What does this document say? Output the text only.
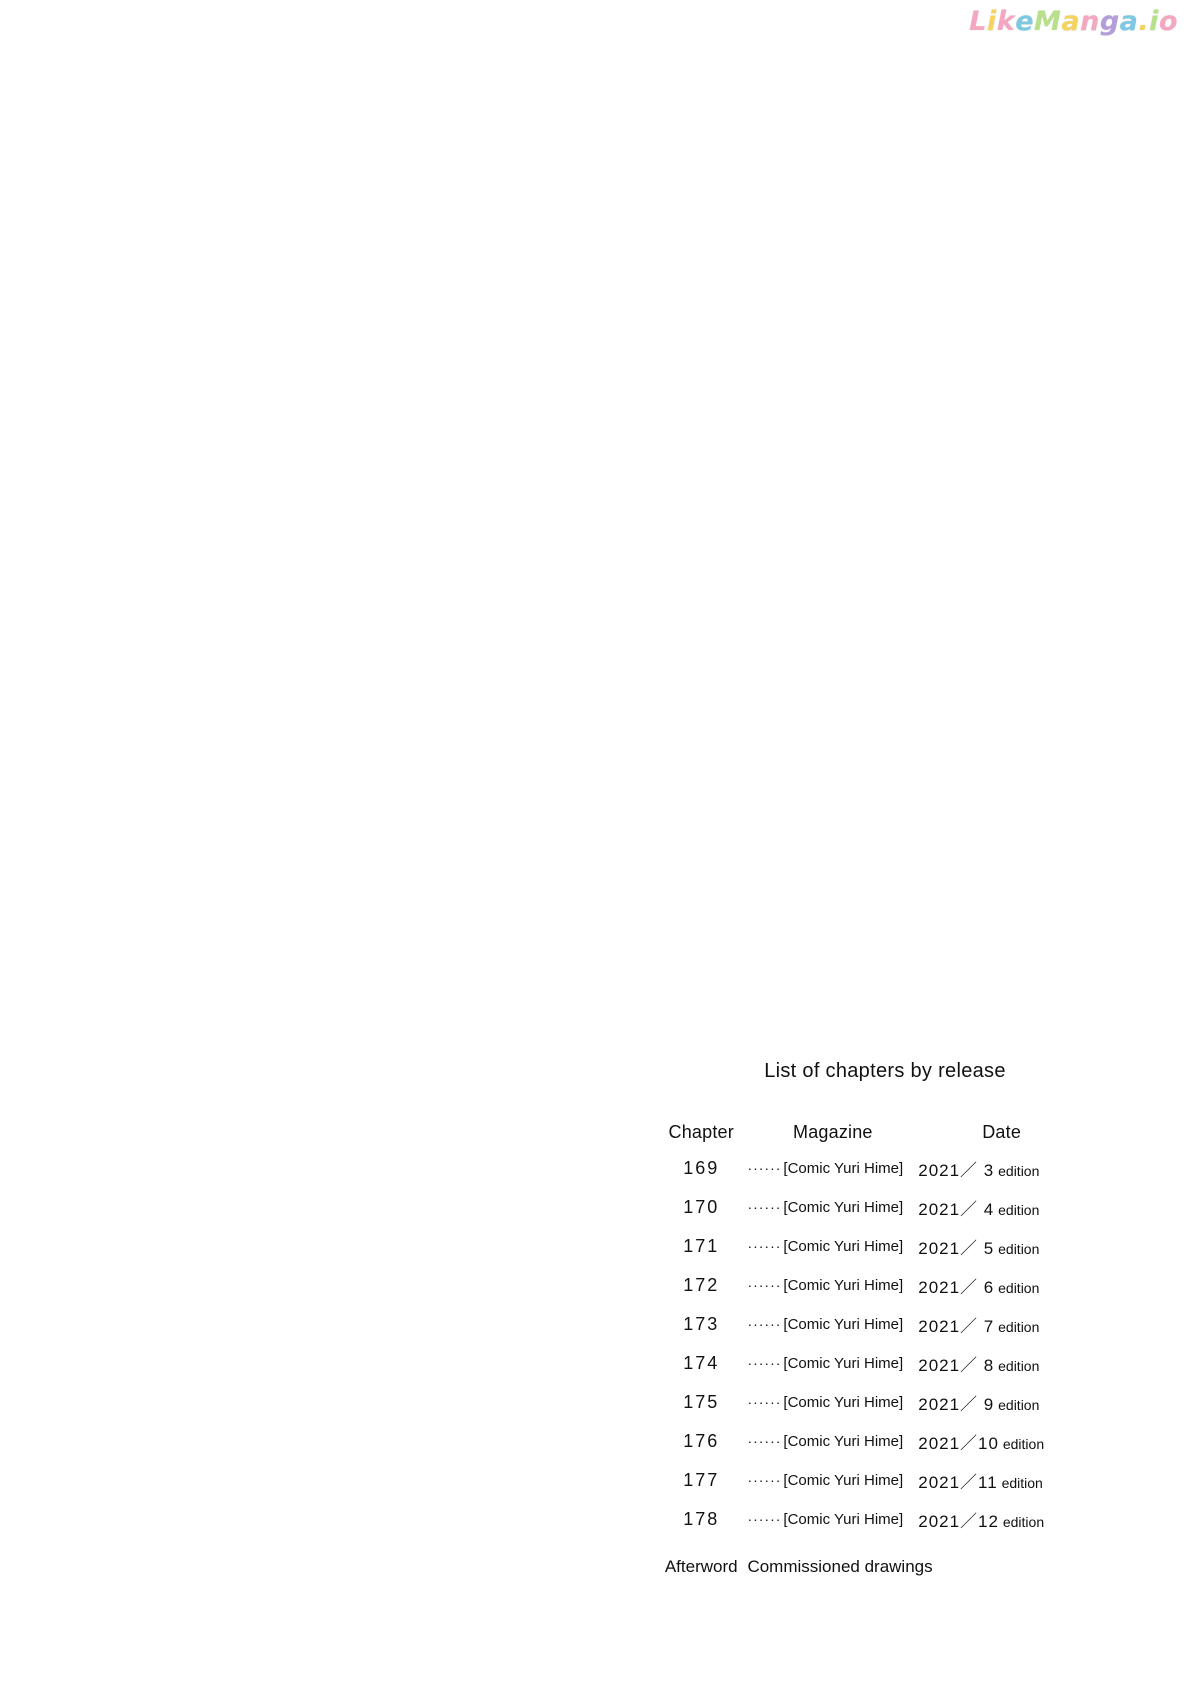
LikeManga.io
List of chapters by release
Chapter	Magazine	Date
169	······ [Comic Yuri Hime]	2021／ 3 edition
170	······ [Comic Yuri Hime]	2021／ 4 edition
171	······ [Comic Yuri Hime]	2021／ 5 edition
172	······ [Comic Yuri Hime]	2021／ 6 edition
173	······ [Comic Yuri Hime]	2021／ 7 edition
174	······ [Comic Yuri Hime]	2021／ 8 edition
175	······ [Comic Yuri Hime]	2021／ 9 edition
176	······ [Comic Yuri Hime]	2021／10 edition
177	······ [Comic Yuri Hime]	2021／11 edition
178	······ [Comic Yuri Hime]	2021／12 edition
Afterword	Commissioned drawings	
